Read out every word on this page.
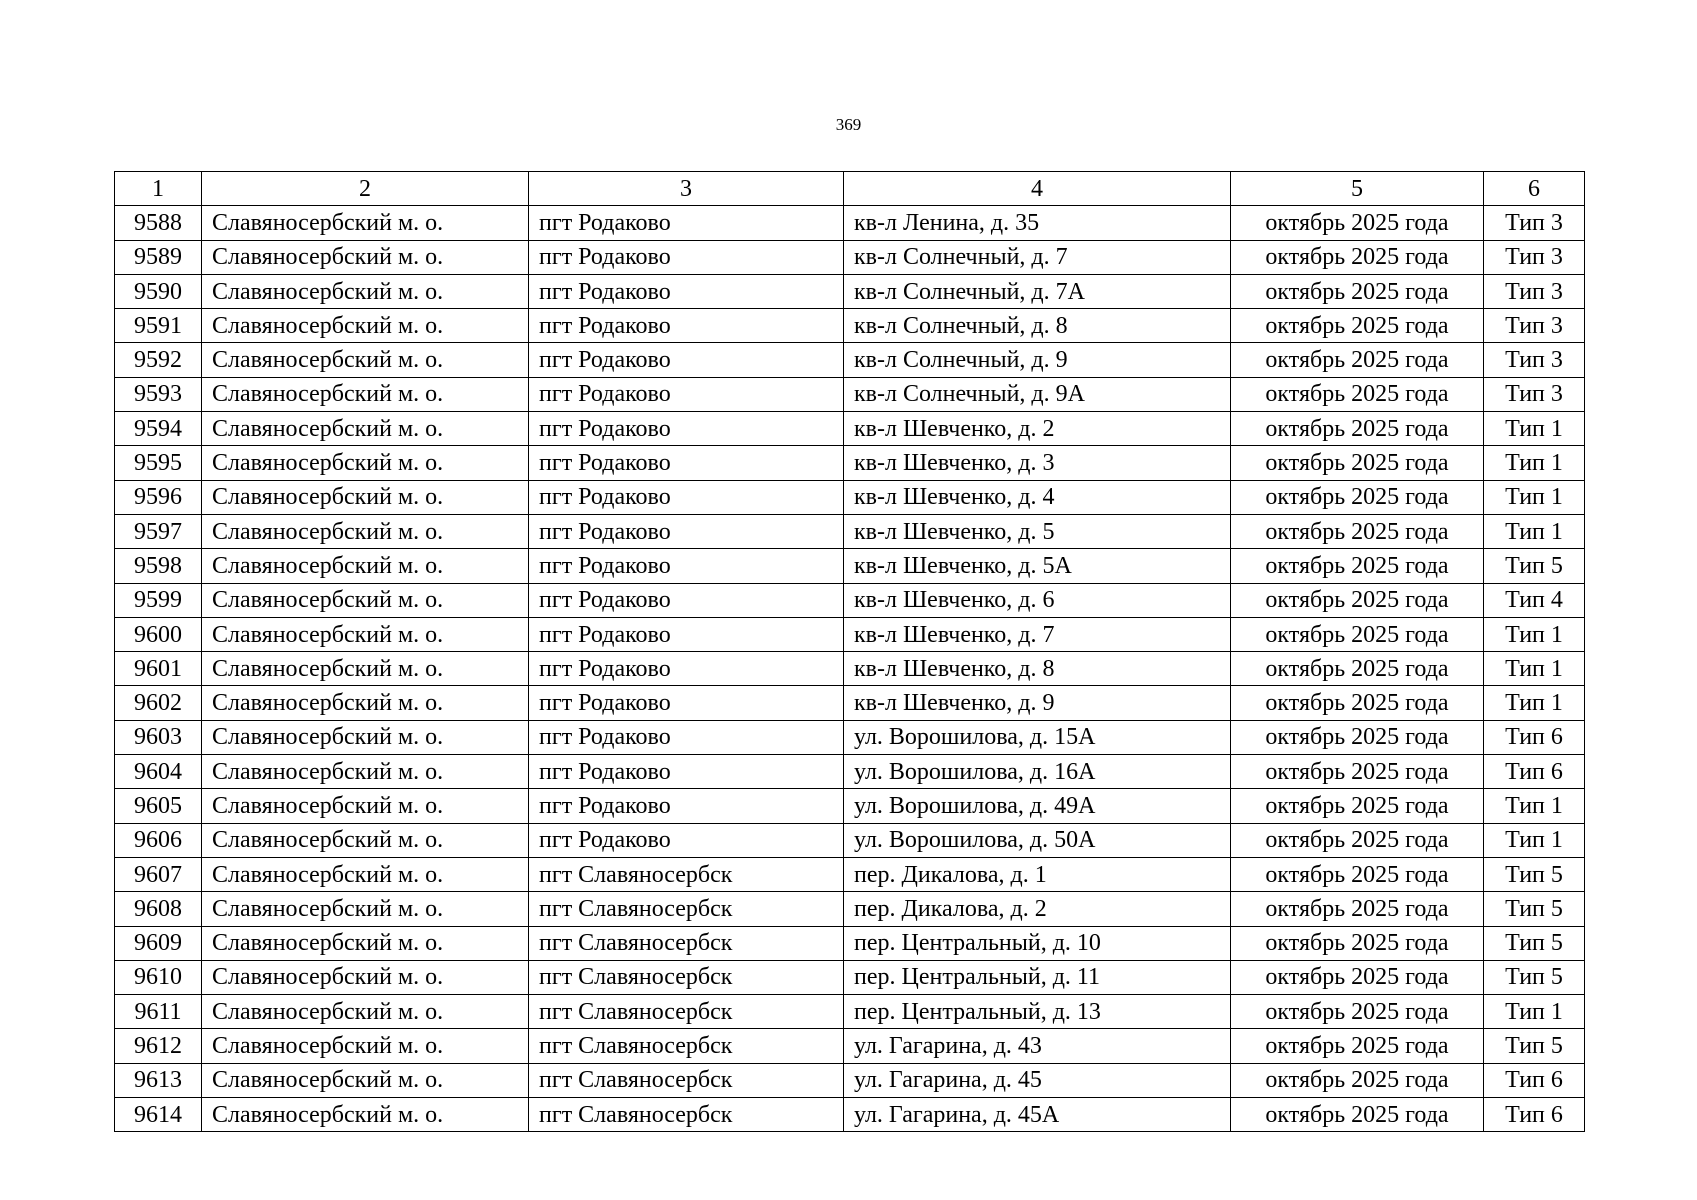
369
1	2	3	4	5	6
9588	Славяносербский м. о.	пгт Родаково	кв-л Ленина, д. 35	октябрь 2025 года	Тип 3
9589	Славяносербский м. о.	пгт Родаково	кв-л Солнечный, д. 7	октябрь 2025 года	Тип 3
9590	Славяносербский м. о.	пгт Родаково	кв-л Солнечный, д. 7А	октябрь 2025 года	Тип 3
9591	Славяносербский м. о.	пгт Родаково	кв-л Солнечный, д. 8	октябрь 2025 года	Тип 3
9592	Славяносербский м. о.	пгт Родаково	кв-л Солнечный, д. 9	октябрь 2025 года	Тип 3
9593	Славяносербский м. о.	пгт Родаково	кв-л Солнечный, д. 9А	октябрь 2025 года	Тип 3
9594	Славяносербский м. о.	пгт Родаково	кв-л Шевченко, д. 2	октябрь 2025 года	Тип 1
9595	Славяносербский м. о.	пгт Родаково	кв-л Шевченко, д. 3	октябрь 2025 года	Тип 1
9596	Славяносербский м. о.	пгт Родаково	кв-л Шевченко, д. 4	октябрь 2025 года	Тип 1
9597	Славяносербский м. о.	пгт Родаково	кв-л Шевченко, д. 5	октябрь 2025 года	Тип 1
9598	Славяносербский м. о.	пгт Родаково	кв-л Шевченко, д. 5А	октябрь 2025 года	Тип 5
9599	Славяносербский м. о.	пгт Родаково	кв-л Шевченко, д. 6	октябрь 2025 года	Тип 4
9600	Славяносербский м. о.	пгт Родаково	кв-л Шевченко, д. 7	октябрь 2025 года	Тип 1
9601	Славяносербский м. о.	пгт Родаково	кв-л Шевченко, д. 8	октябрь 2025 года	Тип 1
9602	Славяносербский м. о.	пгт Родаково	кв-л Шевченко, д. 9	октябрь 2025 года	Тип 1
9603	Славяносербский м. о.	пгт Родаково	ул. Ворошилова, д. 15А	октябрь 2025 года	Тип 6
9604	Славяносербский м. о.	пгт Родаково	ул. Ворошилова, д. 16А	октябрь 2025 года	Тип 6
9605	Славяносербский м. о.	пгт Родаково	ул. Ворошилова, д. 49А	октябрь 2025 года	Тип 1
9606	Славяносербский м. о.	пгт Родаково	ул. Ворошилова, д. 50А	октябрь 2025 года	Тип 1
9607	Славяносербский м. о.	пгт Славяносербск	пер. Дикалова, д. 1	октябрь 2025 года	Тип 5
9608	Славяносербский м. о.	пгт Славяносербск	пер. Дикалова, д. 2	октябрь 2025 года	Тип 5
9609	Славяносербский м. о.	пгт Славяносербск	пер. Центральный, д. 10	октябрь 2025 года	Тип 5
9610	Славяносербский м. о.	пгт Славяносербск	пер. Центральный, д. 11	октябрь 2025 года	Тип 5
9611	Славяносербский м. о.	пгт Славяносербск	пер. Центральный, д. 13	октябрь 2025 года	Тип 1
9612	Славяносербский м. о.	пгт Славяносербск	ул. Гагарина, д. 43	октябрь 2025 года	Тип 5
9613	Славяносербский м. о.	пгт Славяносербск	ул. Гагарина, д. 45	октябрь 2025 года	Тип 6
9614	Славяносербский м. о.	пгт Славяносербск	ул. Гагарина, д. 45А	октябрь 2025 года	Тип 6
